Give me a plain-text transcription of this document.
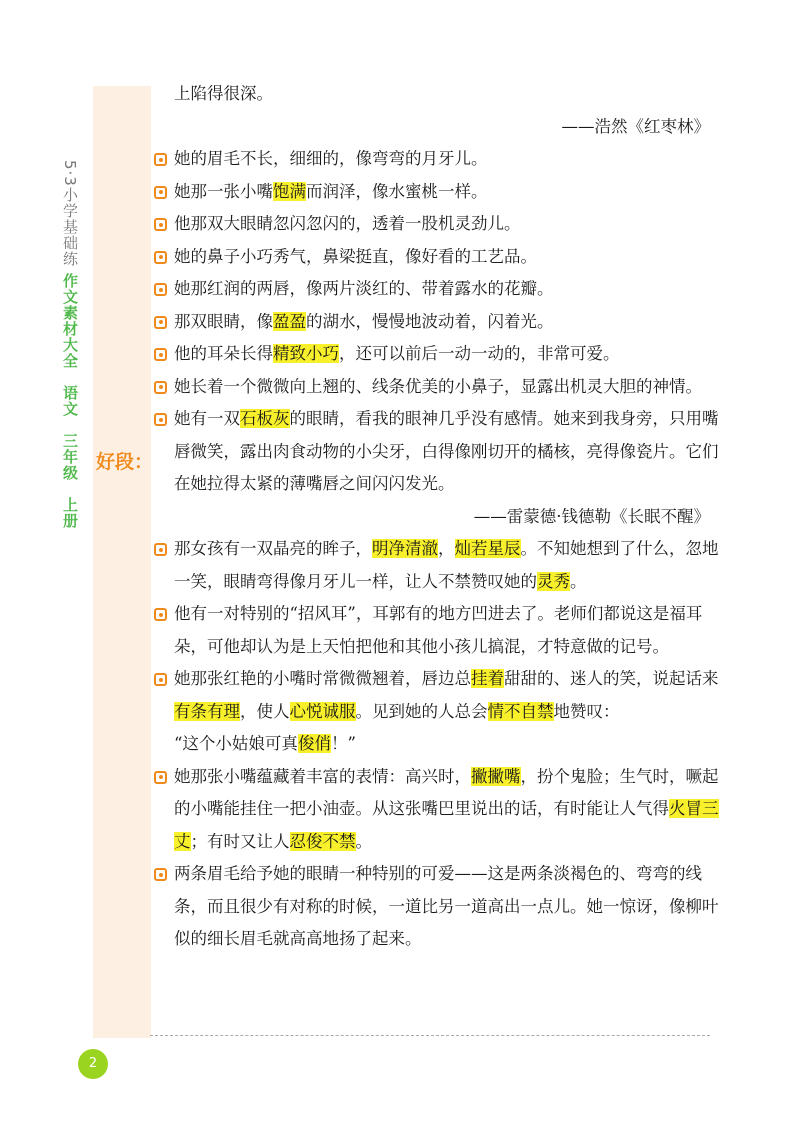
5·3小学基础练 作文素材大全　语文　三年级　上册 好段：
上陷得很深。
——浩然《红枣林》
她的眉毛不长，细细的，像弯弯的月牙儿。
她那一张小嘴饱满而润泽，像水蜜桃一样。
他那双大眼睛忽闪忽闪的，透着一股机灵劲儿。
她的鼻子小巧秀气，鼻梁挺直，像好看的工艺品。
她那红润的两唇，像两片淡红的、带着露水的花瓣。
那双眼睛，像盈盈的湖水，慢慢地波动着，闪着光。
他的耳朵长得精致小巧，还可以前后一动一动的，非常可爱。
她长着一个微微向上翘的、线条优美的小鼻子，显露出机灵大胆的神情。
她有一双石板灰的眼睛，看我的眼神几乎没有感情。她来到我身旁，只用嘴唇微笑，露出肉食动物的小尖牙，白得像刚切开的橘核，亮得像瓷片。它们在她拉得太紧的薄嘴唇之间闪闪发光。
——雷蒙德·钱德勒《长眠不醒》
那女孩有一双晶亮的眸子，明净清澈，灿若星辰。不知她想到了什么，忽地一笑，眼睛弯得像月牙儿一样，让人不禁赞叹她的灵秀。
他有一对特别的“招风耳”，耳郭有的地方凹进去了。老师们都说这是福耳朵，可他却认为是上天怕把他和其他小孩儿搞混，才特意做的记号。
她那张红艳的小嘴时常微微翘着，唇边总挂着甜甜的、迷人的笑，说起话来有条有理，使人心悦诚服。见到她的人总会情不自禁地赞叹：
“这个小姑娘可真俊俏！”
她那张小嘴蕴藏着丰富的表情：高兴时，撇撇嘴，扮个鬼脸；生气时，噘起的小嘴能挂住一把小油壶。从这张嘴巴里说出的话，有时能让人气得火冒三丈；有时又让人忍俊不禁。
两条眉毛给予她的眼睛一种特别的可爱——这是两条淡褐色的、弯弯的线条，而且很少有对称的时候，一道比另一道高出一点儿。她一惊讶，像柳叶似的细长眉毛就高高地扬了起来。
2
